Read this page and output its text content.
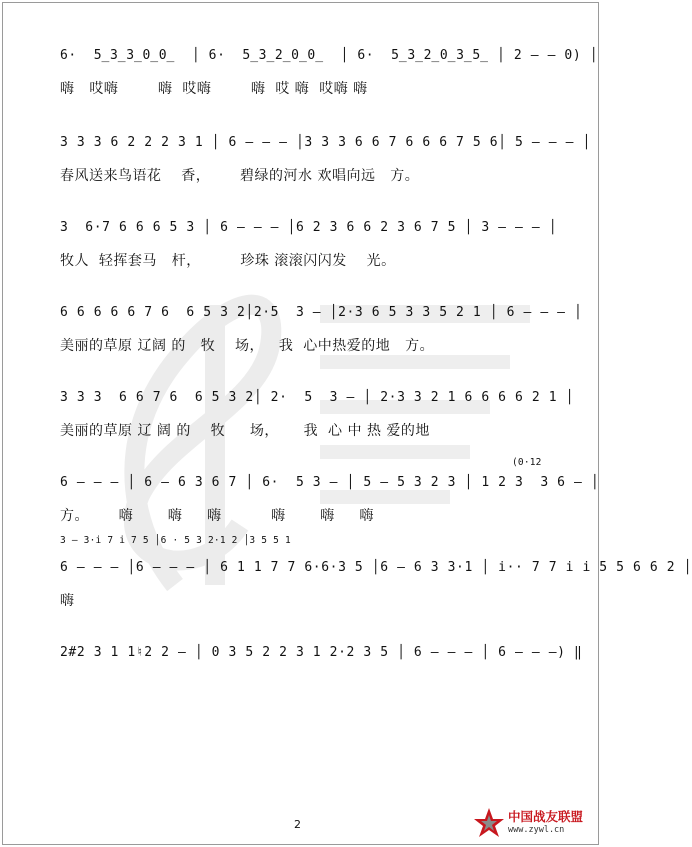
6·  5̲3̲3̲0̲0̲  │ 6·  5̲3̲2̲0̲0̲  │ 6·  5̲3̲2̲0̲3̲5̲ │ 2 – – 0) │
嗨   哎嗨        嗨  哎嗨        嗨  哎 嗨  哎嗨 嗨
3 3 3 6 2 2 2 3 1 │ 6 – – – │3 3 3 6 6 7 6 6 6 7 5 6│ 5 – – – │
春风送来鸟语花    香，      碧绿的河水 欢唱向远   方。
3  6·7 6 6 6 5 3 │ 6 – – – │6 2 3 6 6 2 3 6 7 5 │ 3 – – – │
牧人  轻挥套马   杆，        珍珠 滚滚闪闪发    光。
6 6 6 6 6 7 6  6 5 3 2│2·5  3 – │2·3 6 5 3 3 5 2 1 │ 6 – – – │
美丽的草原 辽阔 的   牧    场，   我  心中热爱的地   方。
3 3 3  6 6 7 6  6 5 3 2│ 2·  5  3 – │ 2·3 3 2 1 6 6 6 6 2 1 │
美丽的草原 辽 阔 的    牧     场，     我  心 中 热 爱的地
(0·12
6 – – – │ 6 – 6 3 6 7 │ 6·  5 3 – │ 5 – 5 3 2 3 │ 1 2 3  3 6 – │
方。      嗨       嗨     嗨          嗨       嗨     嗨
3 – 3·i 7 i 7 5 │6 · 5 3 2·1 2 │3 5 5 1
6 – – – │6 – – – │ 6 1 1 7 7 6·6·3 5 │6 – 6 3 3·1 │ i·· 7 7 i i 5 5 6 6 2 │
嗨
2#2 3 1 1♮2 2 – │ 0 3 5 2 2 3 1 2·2 3 5 │ 6 – – – │ 6 – – –) ‖
2
中国战友联盟
www.zywl.cn
